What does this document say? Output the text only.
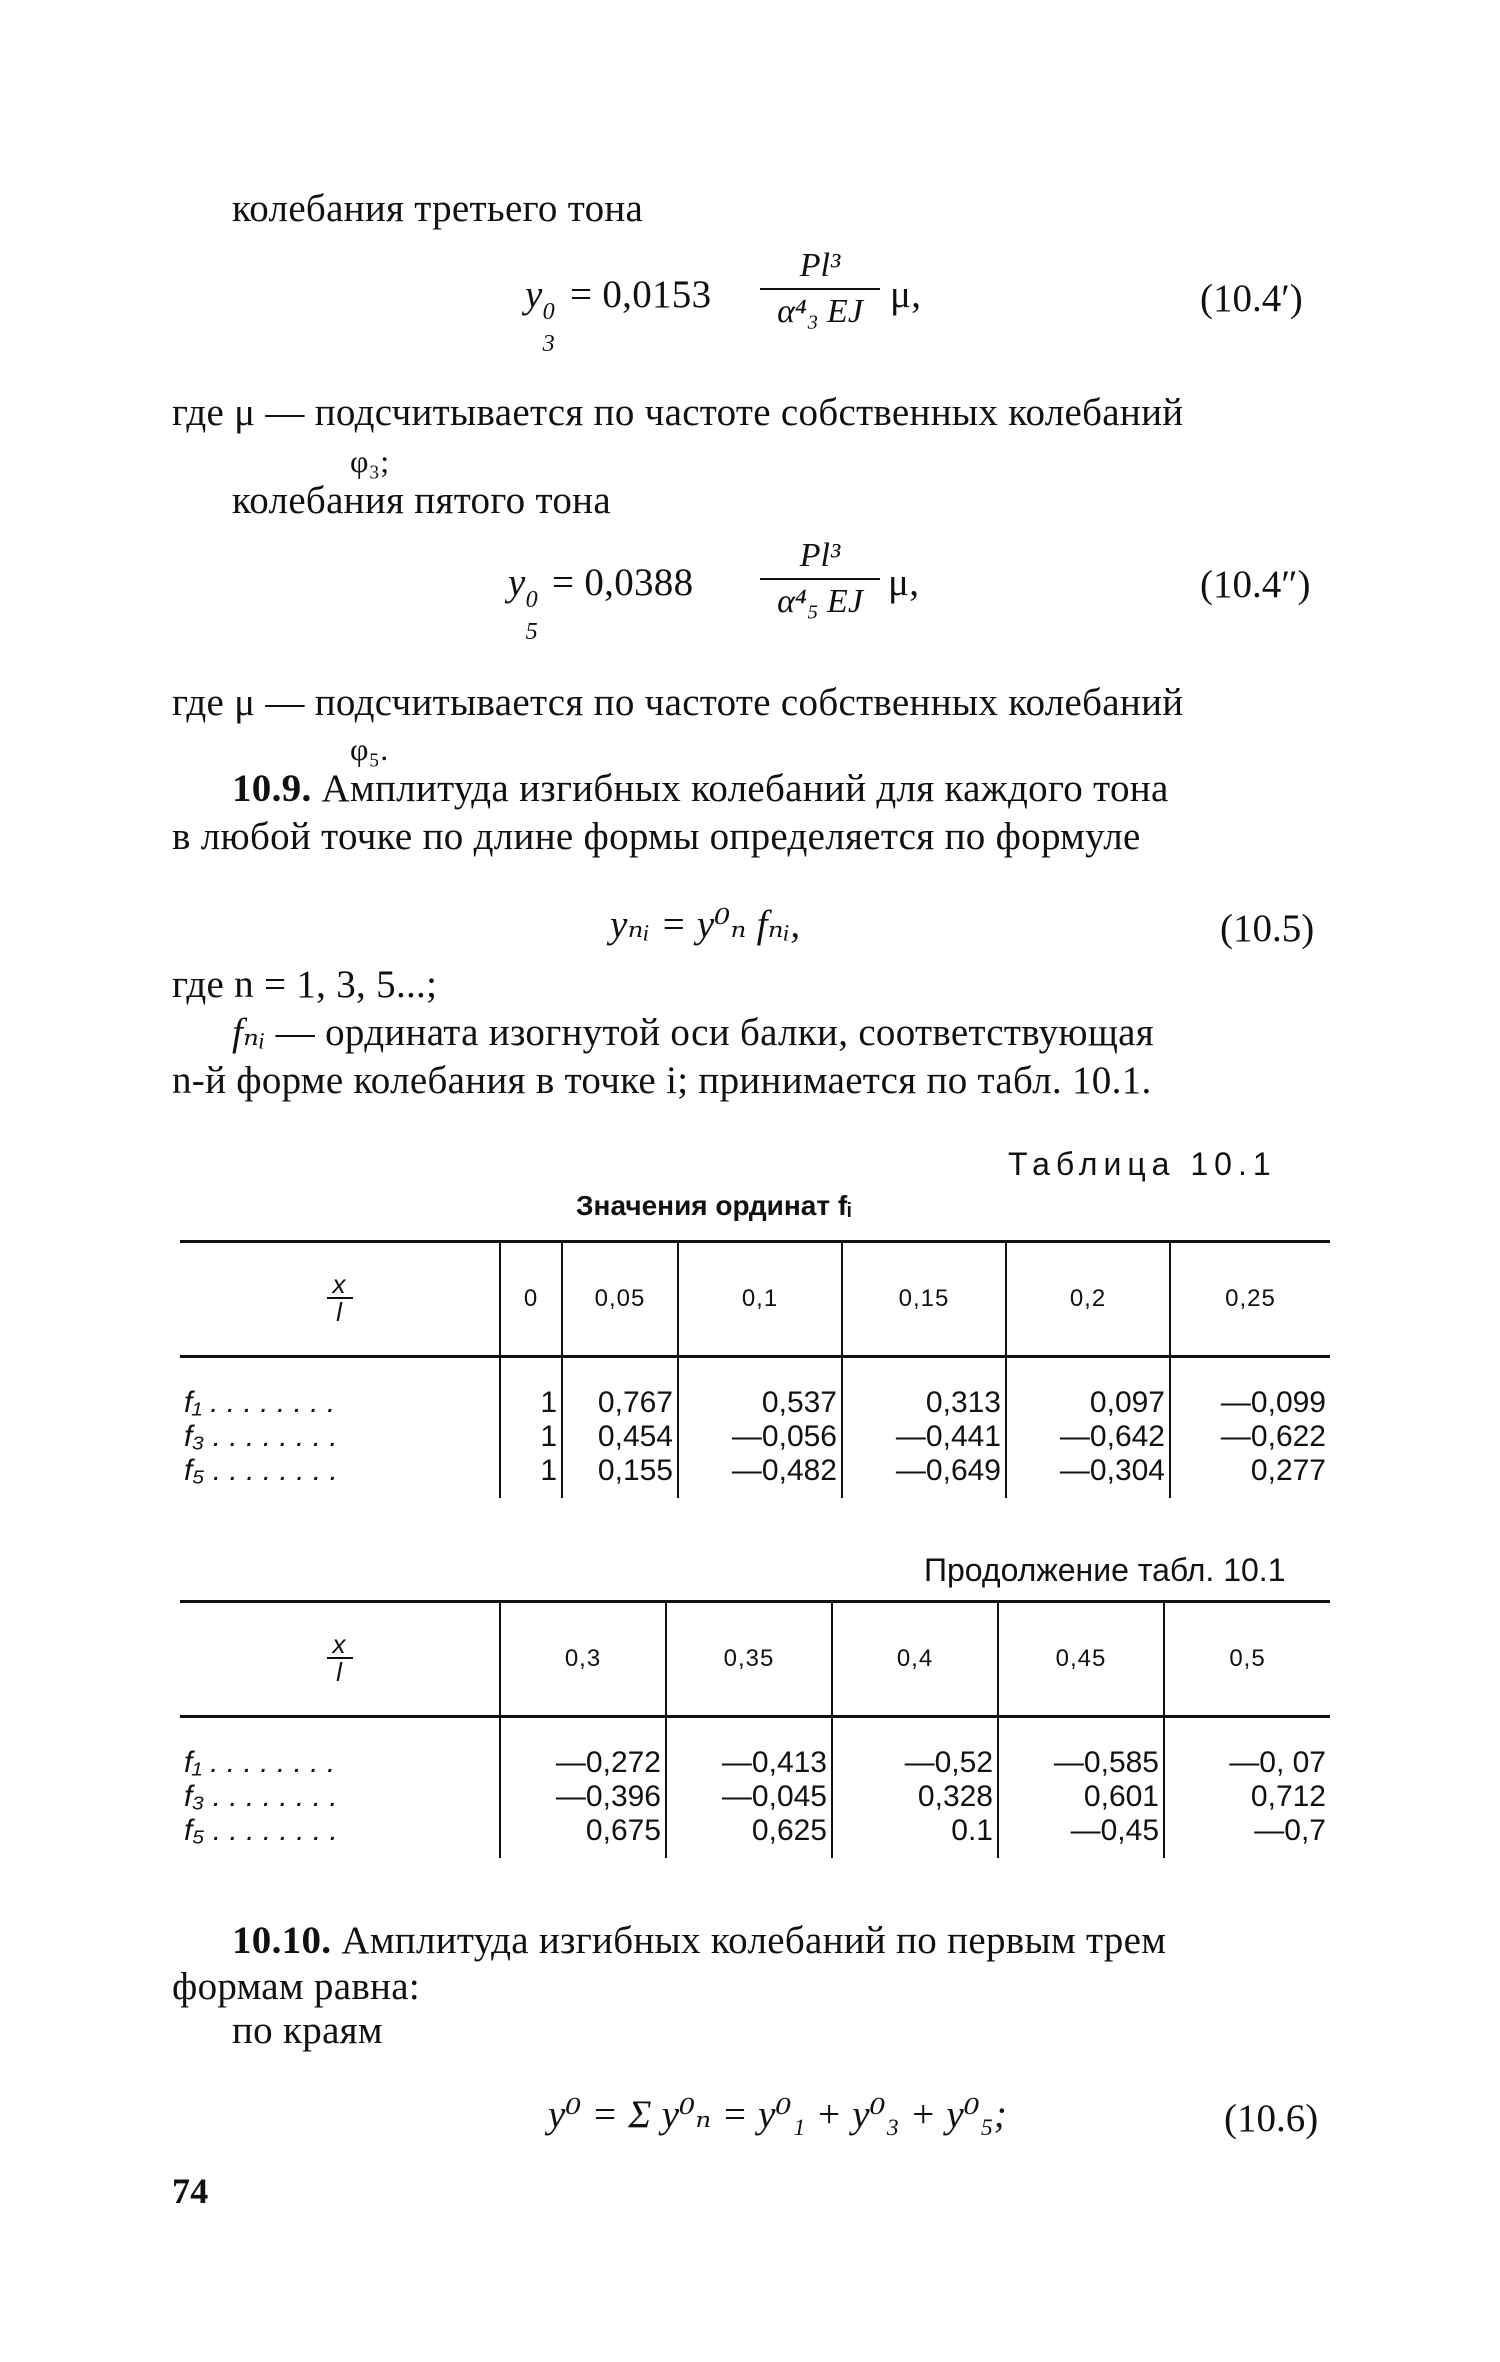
колебания третьего тона
y 0
3
= $0,0153 \frac{\text{Pl³}}{\text{α⁴₃ EJ}} \mu$,	(10.4′)
где μ — подсчитывается по частоте собственных колебаний
φ₃;
колебания пятого тона
y 0
5
= $0,0388 \frac{\text{Pl³}}{\text{α⁴₅ EJ}} \mu$,	(10.4″)
где μ — подсчитывается по частоте собственных колебаний
φ₅.
10.9. Амплитуда изгибных колебаний для каждого тона
в любой точке по длине формы определяется по формуле
yₙᵢ = y⁰ₙ fₙᵢ,	(10.5)
где n = 1, 3, 5...;
fₙᵢ — ордината изогнутой оси балки, соответствующая
n-й форме колебания в точке i; принимается по табл. 10.1.
Таблица 10.1
Значения ординат fᵢ
$\frac{x}{l}$	0	0,05	0,1	0,15	0,2	0,25
f₁ . . . . . . . .	1	0,767	0,537	0,313	0,097	—0,099
f₃ . . . . . . . .	1	0,454	—0,056	—0,441	—0,642	—0,622
f₅ . . . . . . . .	1	0,155	—0,482	—0,649	—0,304	0,277
Продолжение табл. 10.1
$\frac{x}{l}$	0,3	0,35	0,4	0,45	0,5
f₁ . . . . . . . .	—0,272	—0,413	—0,52	—0,585	—0, 07
f₃ . . . . . . . .	—0,396	—0,045	0,328	0,601	0,712
f₅ . . . . . . . .	0,675	0,625	0.1	—0,45	—0,7
10.10. Амплитуда изгибных колебаний по первым трем
формам равна:
по краям
y⁰ = Σ y⁰ₙ = y⁰₁ + y⁰₃ + y⁰₅;	(10.6)
74
